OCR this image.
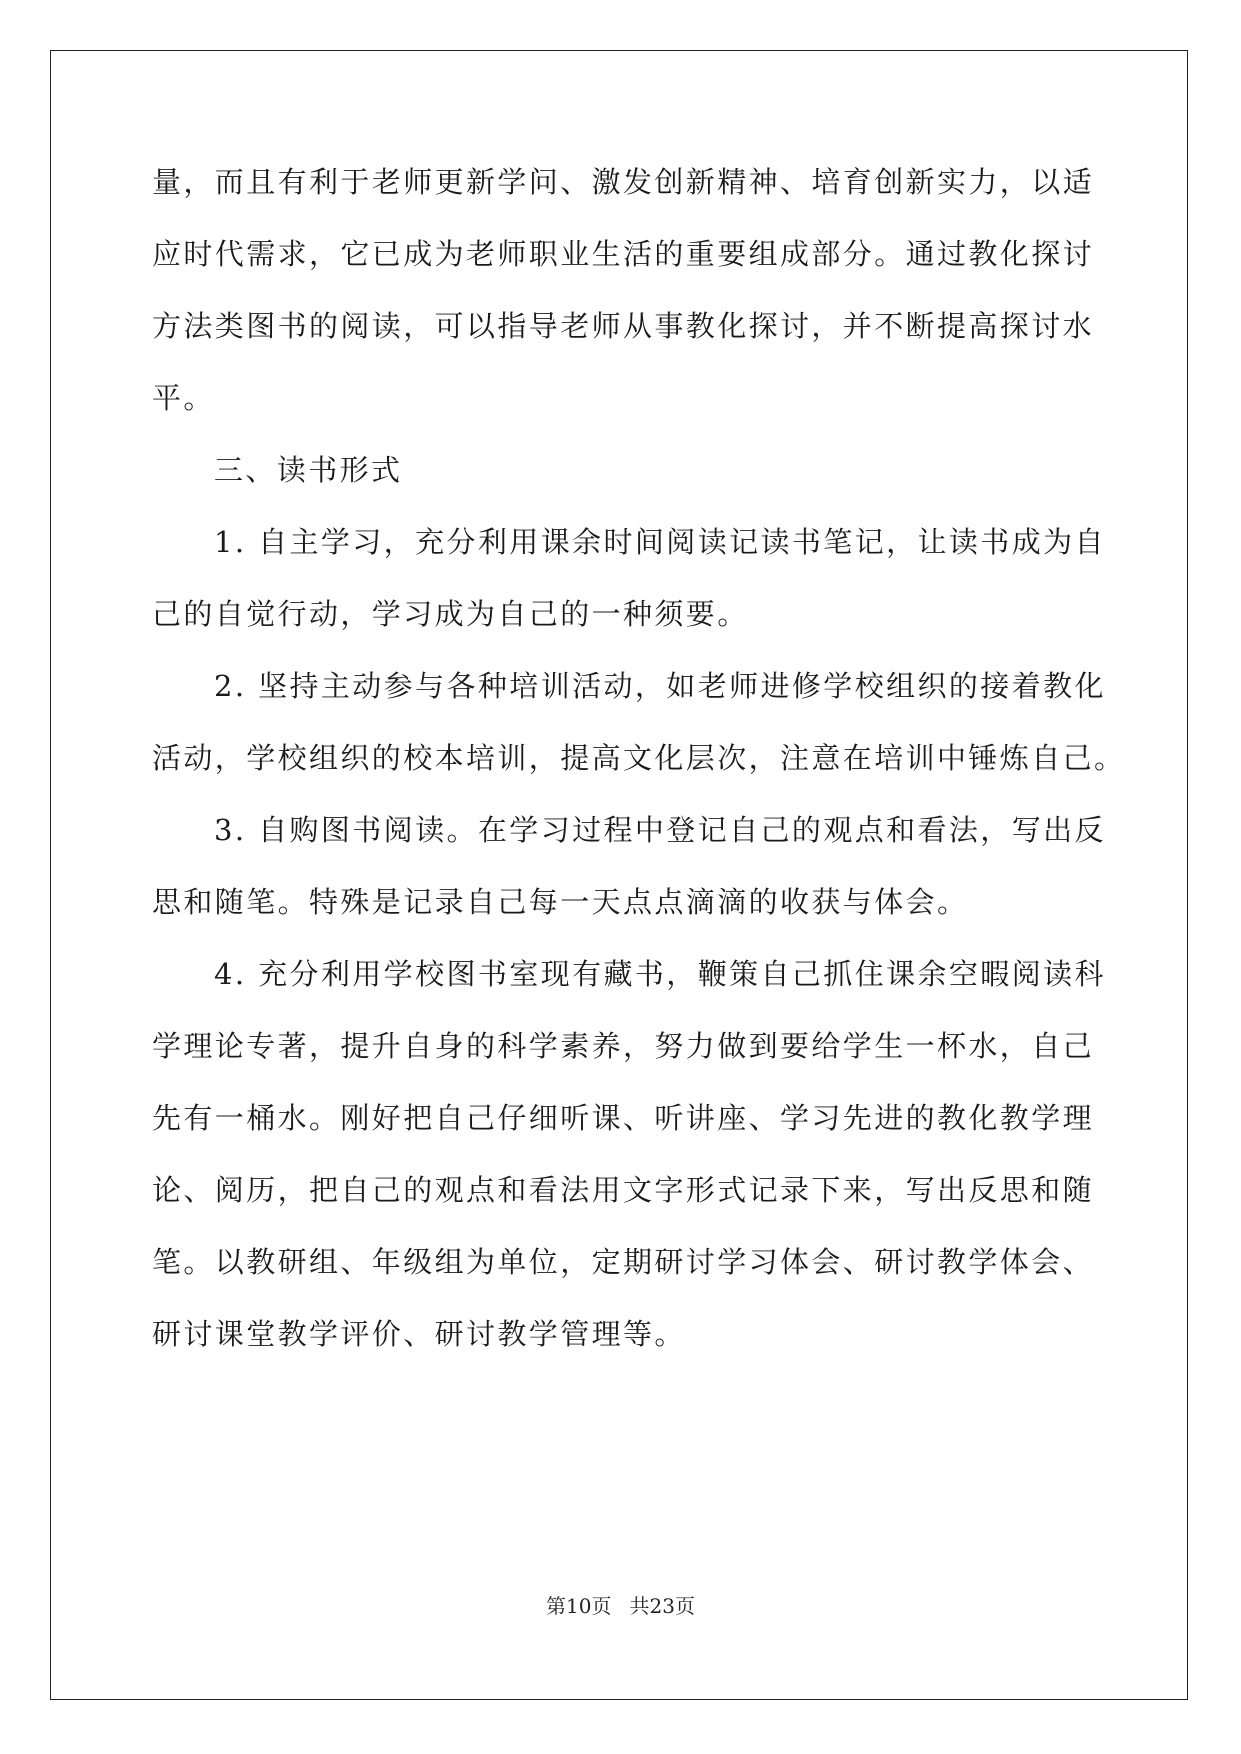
量，而且有利于老师更新学问、激发创新精神、培育创新实力，以适
应时代需求，它已成为老师职业生活的重要组成部分。通过教化探讨
方法类图书的阅读，可以指导老师从事教化探讨，并不断提高探讨水
平。
三、读书形式
1. 自主学习，充分利用课余时间阅读记读书笔记，让读书成为自
己的自觉行动，学习成为自己的一种须要。
2. 坚持主动参与各种培训活动，如老师进修学校组织的接着教化
活动，学校组织的校本培训，提高文化层次，注意在培训中锤炼自己。
3. 自购图书阅读。在学习过程中登记自己的观点和看法，写出反
思和随笔。特殊是记录自己每一天点点滴滴的收获与体会。
4. 充分利用学校图书室现有藏书，鞭策自己抓住课余空暇阅读科
学理论专著，提升自身的科学素养，努力做到要给学生一杯水，自己
先有一桶水。刚好把自己仔细听课、听讲座、学习先进的教化教学理
论、阅历，把自己的观点和看法用文字形式记录下来，写出反思和随
笔。以教研组、年级组为单位，定期研讨学习体会、研讨教学体会、
研讨课堂教学评价、研讨教学管理等。
第10页 共23页
